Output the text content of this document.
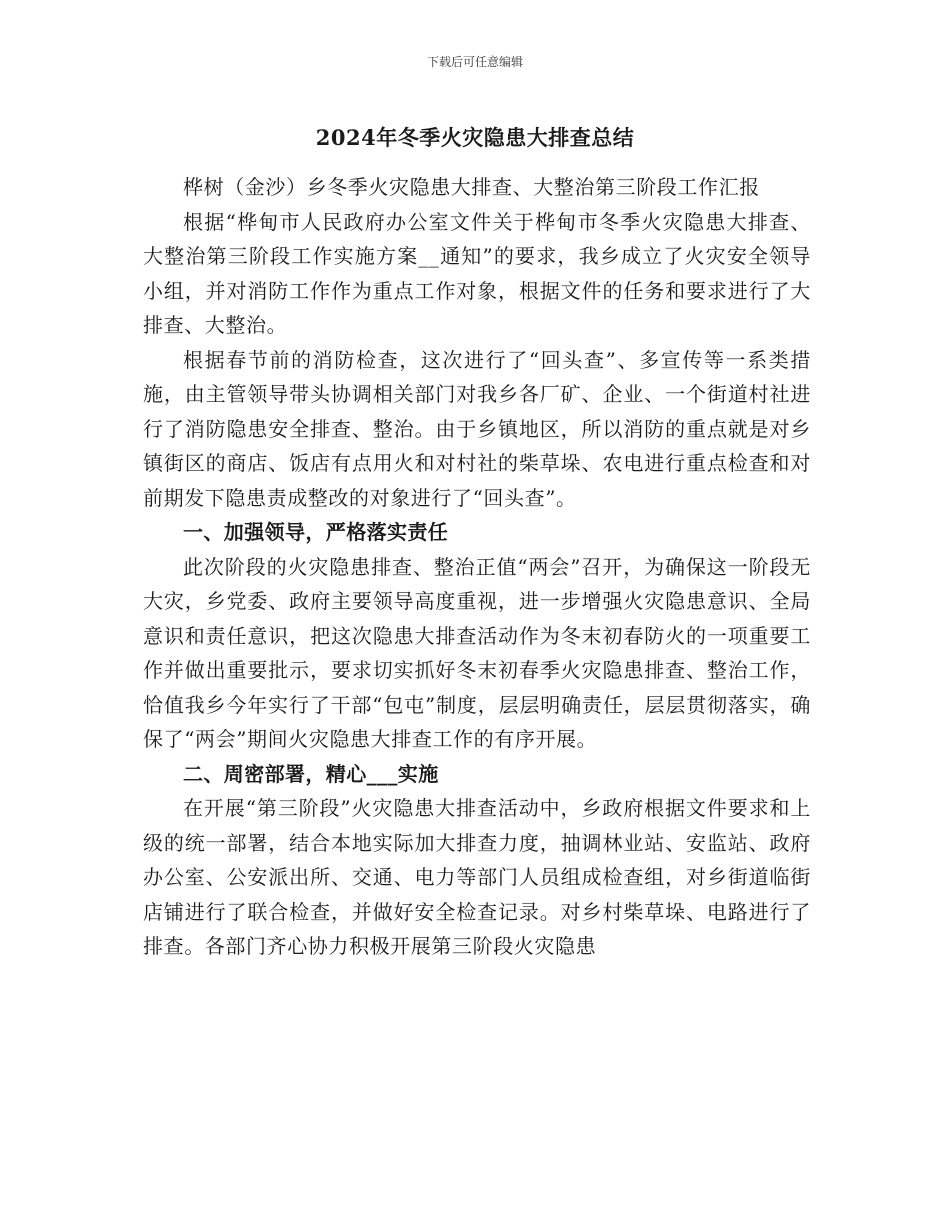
下载后可任意编辑
2024年冬季火灾隐患大排查总结

桦树（金沙）乡冬季火灾隐患大排查、大整治第三阶段工作汇报

根据“桦甸市人民政府办公室文件关于桦甸市冬季火灾隐患大排查、大整治第三阶段工作实施方案__通知”的要求，我乡成立了火灾安全领导小组，并对消防工作作为重点工作对象，根据文件的任务和要求进行了大排查、大整治。

根据春节前的消防检查，这次进行了“回头查”、多宣传等一系类措施，由主管领导带头协调相关部门对我乡各厂矿、企业、一个街道村社进行了消防隐患安全排查、整治。由于乡镇地区，所以消防的重点就是对乡镇街区的商店、饭店有点用火和对村社的柴草垛、农电进行重点检查和对前期发下隐患责成整改的对象进行了“回头查”。

一、加强领导，严格落实责任

此次阶段的火灾隐患排查、整治正值“两会”召开，为确保这一阶段无大灾，乡党委、政府主要领导高度重视，进一步增强火灾隐患意识、全局意识和责任意识，把这次隐患大排查活动作为冬末初春防火的一项重要工作并做出重要批示，要求切实抓好冬末初春季火灾隐患排查、整治工作，恰值我乡今年实行了干部“包屯”制度，层层明确责任，层层贯彻落实，确保了“两会”期间火灾隐患大排查工作的有序开展。

二、周密部署，精心___实施

在开展“第三阶段”火灾隐患大排查活动中，乡政府根据文件要求和上级的统一部署，结合本地实际加大排查力度，抽调林业站、安监站、政府办公室、公安派出所、交通、电力等部门人员组成检查组，对乡街道临街店铺进行了联合检查，并做好安全检查记录。对乡村柴草垛、电路进行了排查。各部门齐心协力积极开展第三阶段火灾隐患
